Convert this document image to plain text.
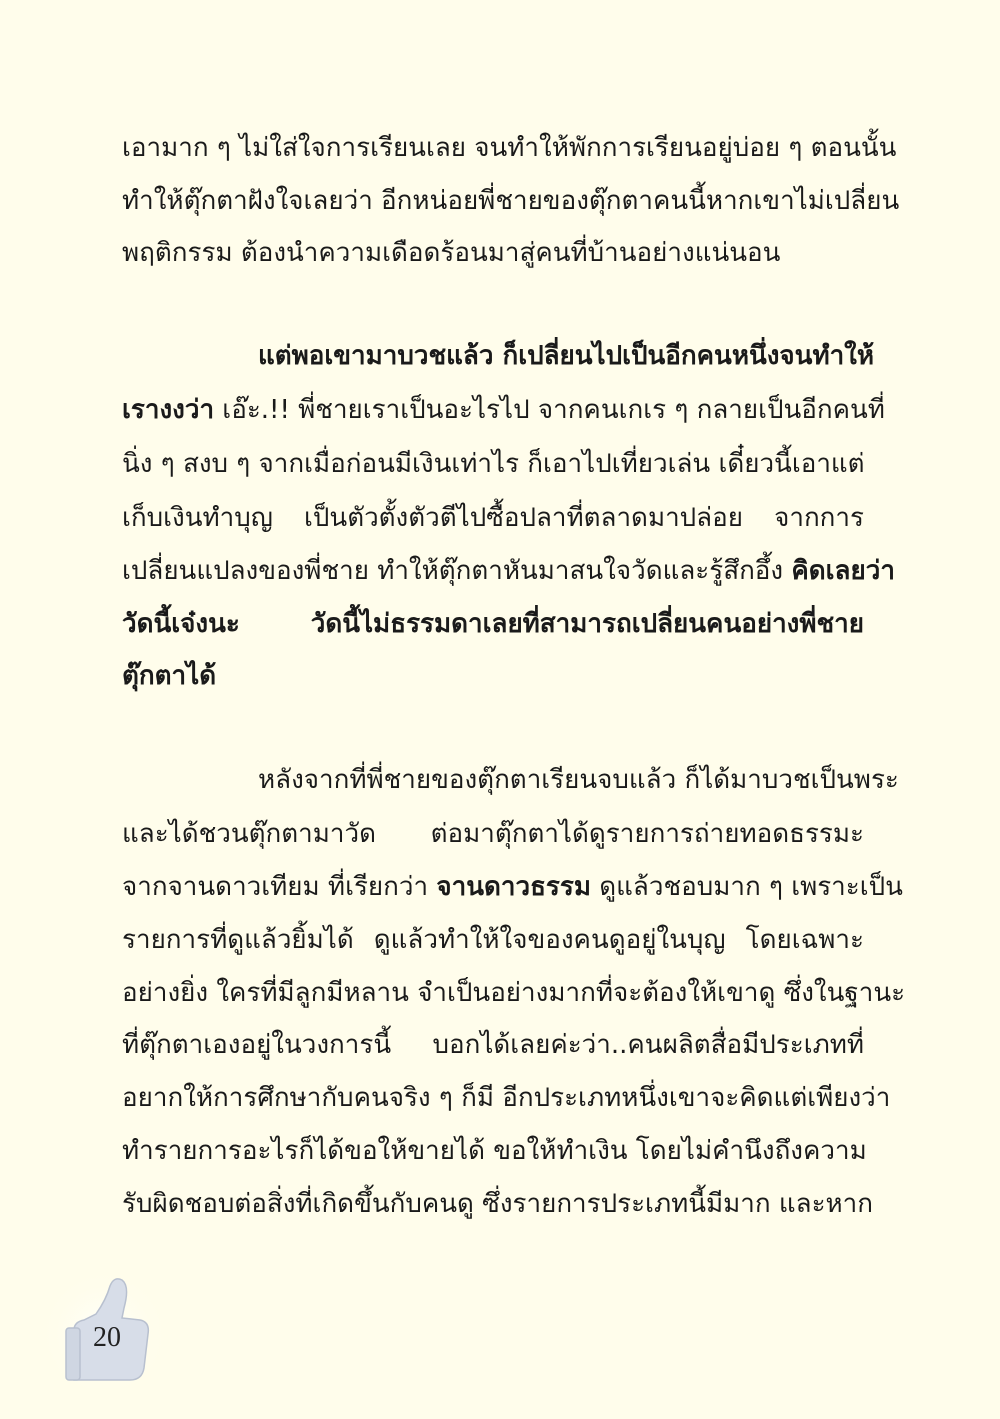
เอามาก ๆ ไม่ใส่ใจการเรียนเลย จนทำให้พักการเรียนอยู่บ่อย ๆ ตอนนั้น
ทำให้ตุ๊กตาฝังใจเลยว่า อีกหน่อยพี่ชายของตุ๊กตาคนนี้หากเขาไม่เปลี่ยน
พฤติกรรม ต้องนำความเดือดร้อนมาสู่คนที่บ้านอย่างแน่นอน
แต่พอเขามาบวชแล้ว ก็เปลี่ยนไปเป็นอีกคนหนึ่งจนทำให้
เรางงว่า เอ๊ะ.!! พี่ชายเราเป็นอะไรไป จากคนเกเร ๆ กลายเป็นอีกคนที่
นิ่ง ๆ สงบ ๆ จากเมื่อก่อนมีเงินเท่าไร ก็เอาไปเที่ยวเล่น เดี๋ยวนี้เอาแต่
เก็บเงินทำบุญ เป็นตัวตั้งตัวตีไปซื้อปลาที่ตลาดมาปล่อย จากการ
เปลี่ยนแปลงของพี่ชาย ทำให้ตุ๊กตาหันมาสนใจวัดและรู้สึกอึ้ง คิดเลยว่า
วัดนี้เจ๋งนะ วัดนี้ไม่ธรรมดาเลยที่สามารถเปลี่ยนคนอย่างพี่ชาย
ตุ๊กตาได้
หลังจากที่พี่ชายของตุ๊กตาเรียนจบแล้ว ก็ได้มาบวชเป็นพระ
และได้ชวนตุ๊กตามาวัด ต่อมาตุ๊กตาได้ดูรายการถ่ายทอดธรรมะ
จากจานดาวเทียม ที่เรียกว่า จานดาวธรรม ดูแล้วชอบมาก ๆ เพราะเป็น
รายการที่ดูแล้วยิ้มได้ ดูแล้วทำให้ใจของคนดูอยู่ในบุญ โดยเฉพาะ
อย่างยิ่ง ใครที่มีลูกมีหลาน จำเป็นอย่างมากที่จะต้องให้เขาดู ซึ่งในฐานะ
ที่ตุ๊กตาเองอยู่ในวงการนี้ บอกได้เลยค่ะว่า..คนผลิตสื่อมีประเภทที่
อยากให้การศึกษากับคนจริง ๆ ก็มี อีกประเภทหนึ่งเขาจะคิดแต่เพียงว่า
ทำรายการอะไรก็ได้ขอให้ขายได้ ขอให้ทำเงิน โดยไม่คำนึงถึงความ
รับผิดชอบต่อสิ่งที่เกิดขึ้นกับคนดู ซึ่งรายการประเภทนี้มีมาก และหาก
20
